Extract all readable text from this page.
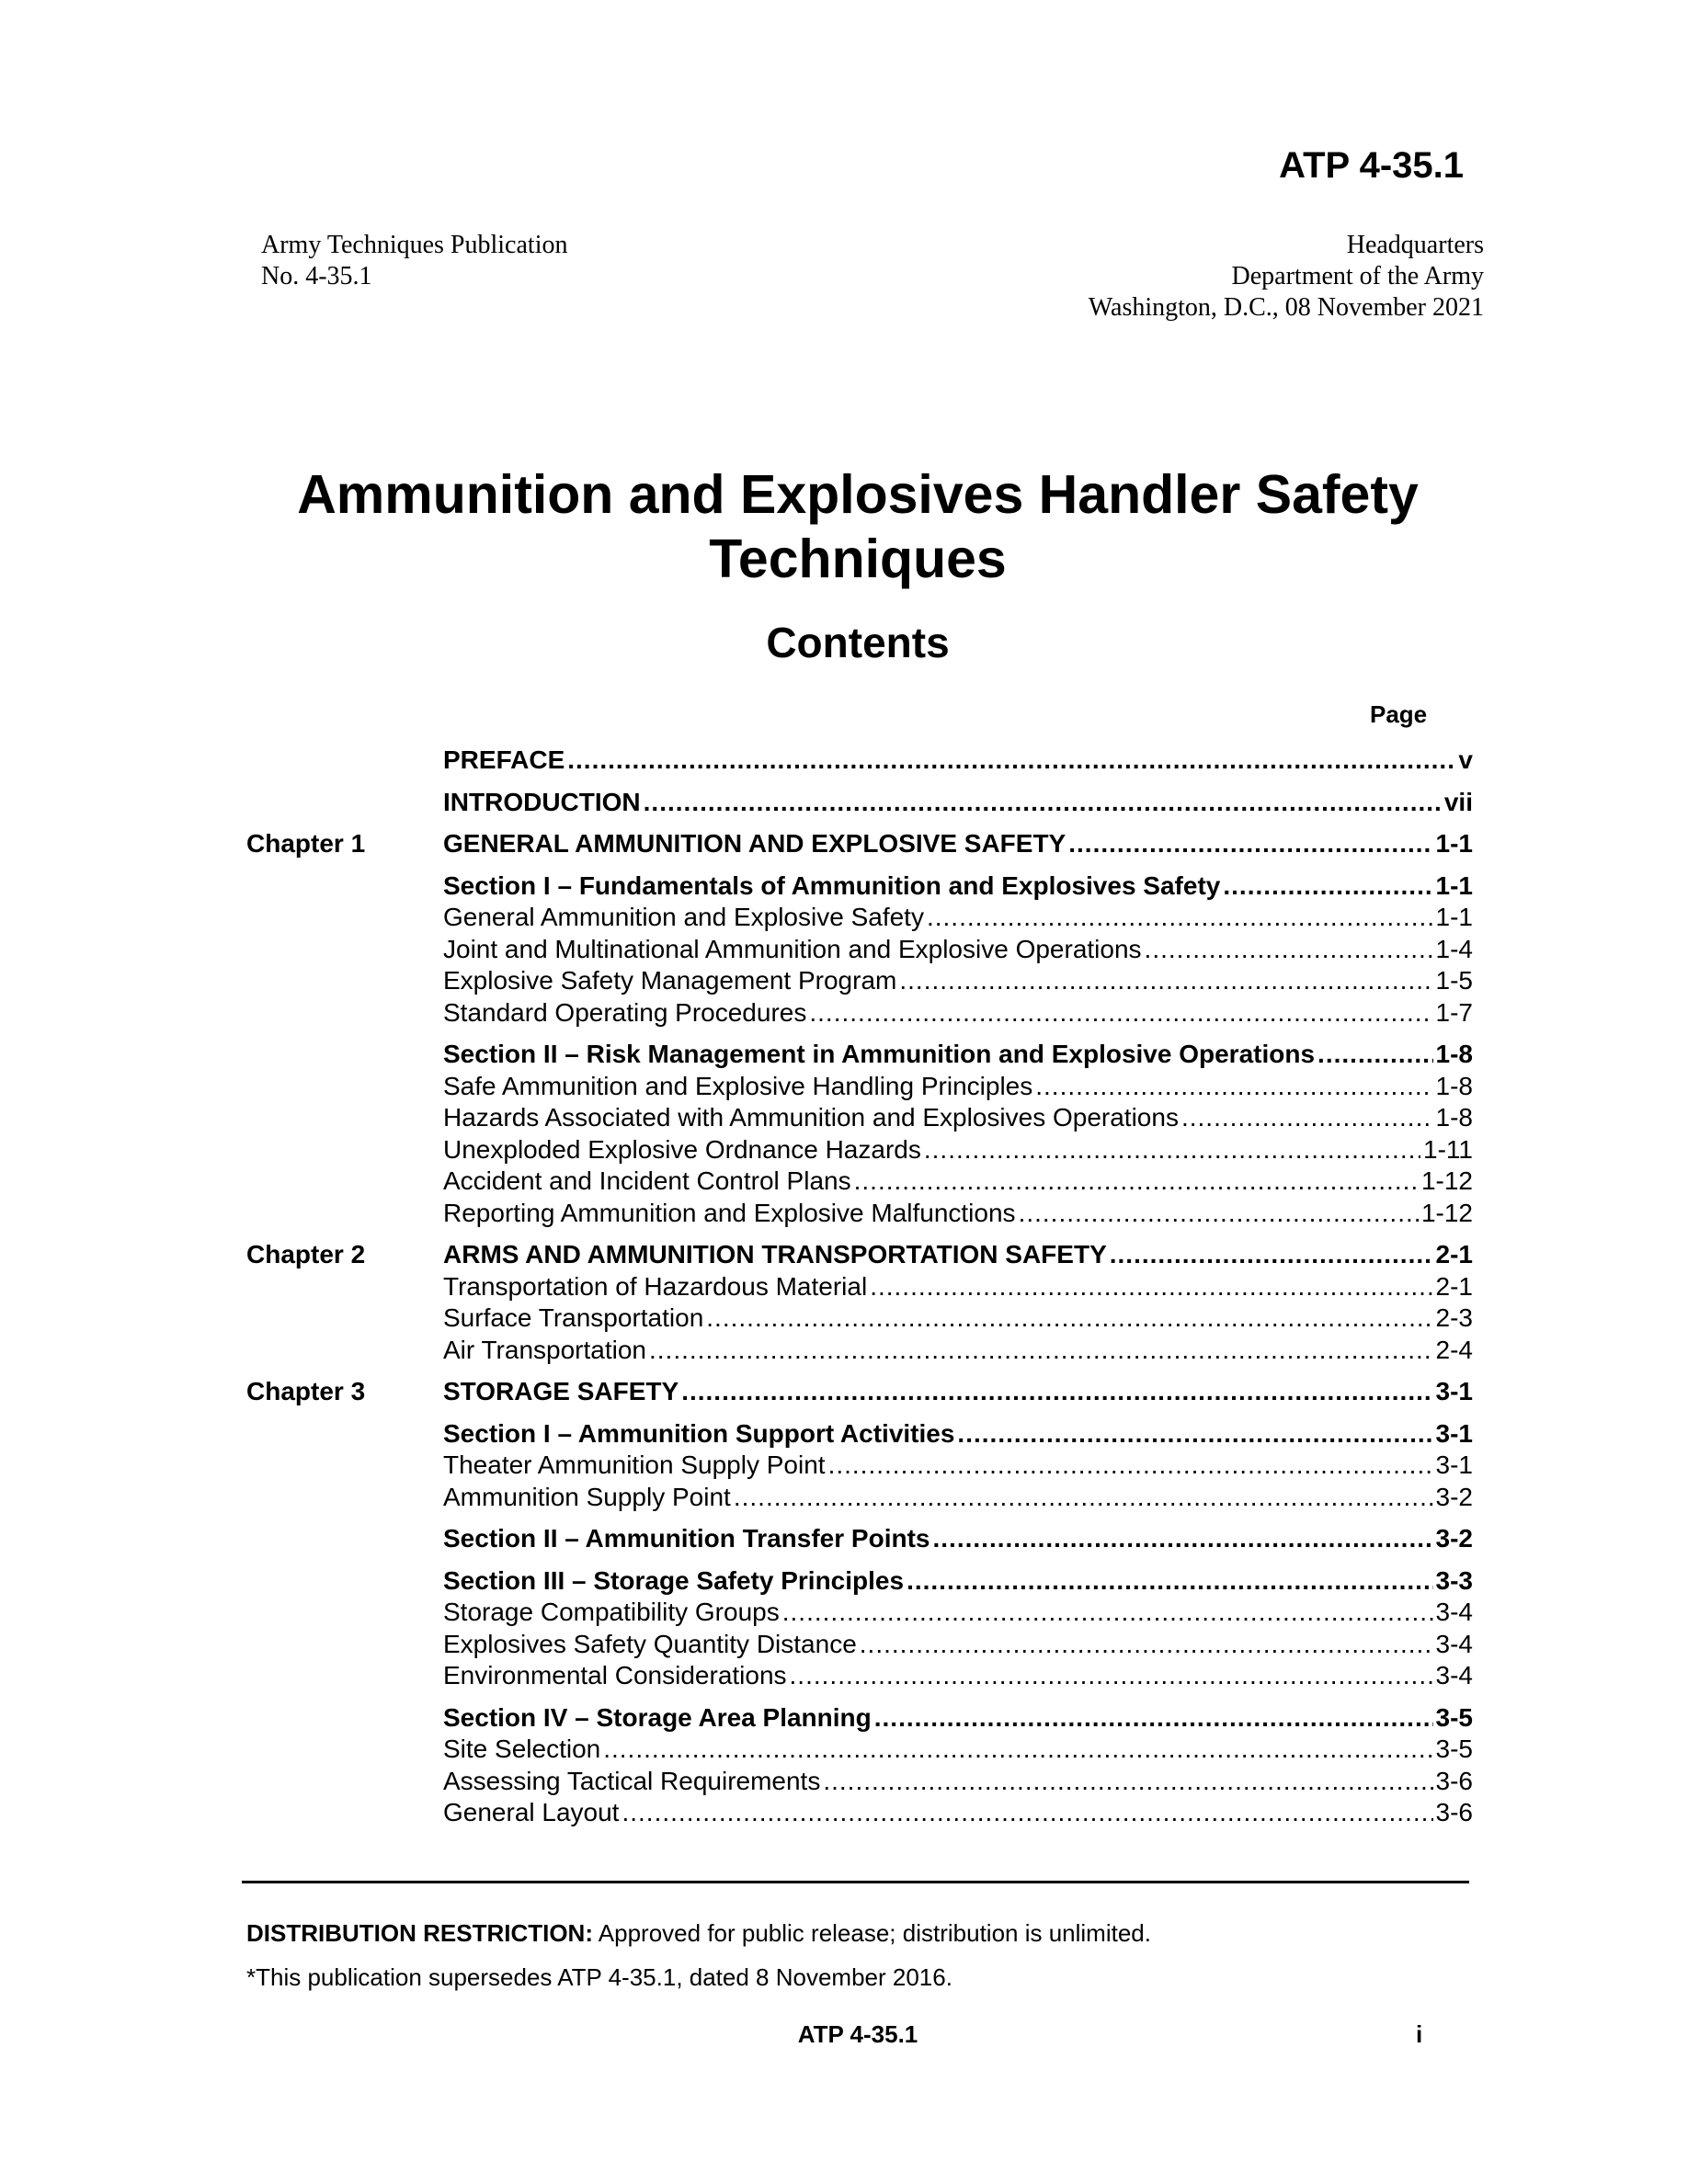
ATP 4-35.1
Army Techniques Publication
No. 4-35.1
Headquarters
Department of the Army
Washington, D.C., 08 November 2021
Ammunition and Explosives Handler Safety
Techniques
Contents
Page
PREFACE .....	v
INTRODUCTION .....	vii
Chapter 1	GENERAL AMMUNITION AND EXPLOSIVE SAFETY .....	1-1
Section I – Fundamentals of Ammunition and Explosives Safety .....	1-1
General Ammunition and Explosive Safety .....	1-1
Joint and Multinational Ammunition and Explosive Operations .....	1-4
Explosive Safety Management Program .....	1-5
Standard Operating Procedures .....	1-7
Section II – Risk Management in Ammunition and Explosive Operations .....	1-8
Safe Ammunition and Explosive Handling Principles .....	1-8
Hazards Associated with Ammunition and Explosives Operations .....	1-8
Unexploded Explosive Ordnance Hazards .....	1-11
Accident and Incident Control Plans .....	1-12
Reporting Ammunition and Explosive Malfunctions .....	1-12
Chapter 2	ARMS AND AMMUNITION TRANSPORTATION SAFETY .....	2-1
Transportation of Hazardous Material .....	2-1
Surface Transportation .....	2-3
Air Transportation .....	2-4
Chapter 3	STORAGE SAFETY .....	3-1
Section I – Ammunition Support Activities .....	3-1
Theater Ammunition Supply Point .....	3-1
Ammunition Supply Point .....	3-2
Section II – Ammunition Transfer Points .....	3-2
Section III – Storage Safety Principles .....	3-3
Storage Compatibility Groups .....	3-4
Explosives Safety Quantity Distance .....	3-4
Environmental Considerations .....	3-4
Section IV – Storage Area Planning .....	3-5
Site Selection .....	3-5
Assessing Tactical Requirements .....	3-6
General Layout .....	3-6
DISTRIBUTION RESTRICTION: Approved for public release; distribution is unlimited.
*This publication supersedes ATP 4-35.1, dated 8 November 2016.
ATP 4-35.1	i
